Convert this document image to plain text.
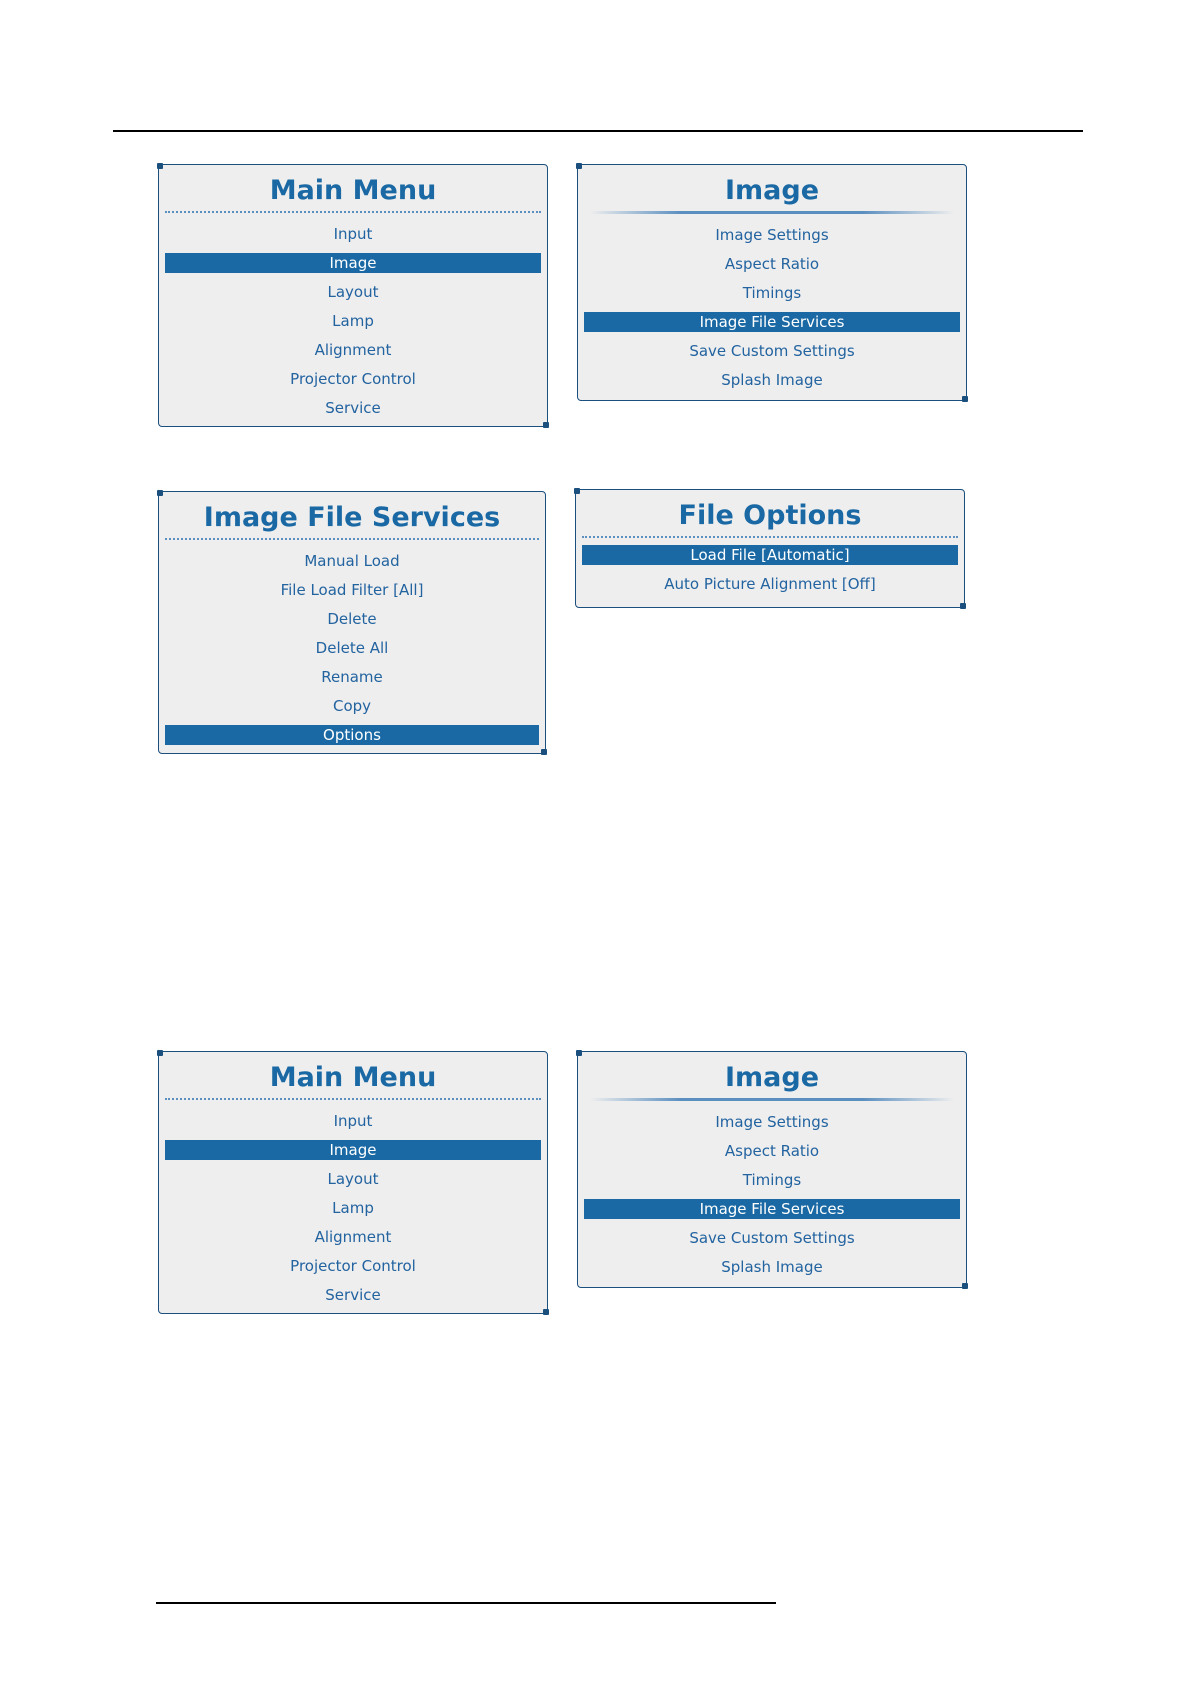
Main Menu
Input
Image
Layout
Lamp
Alignment
Projector Control
Service
Image
Image Settings
Aspect Ratio
Timings
Image File Services
Save Custom Settings
Splash Image
Image File Services
Manual Load
File Load Filter [All]
Delete
Delete All
Rename
Copy
Options
File Options
Load File [Automatic]
Auto Picture Alignment [Off]
Main Menu
Input
Image
Layout
Lamp
Alignment
Projector Control
Service
Image
Image Settings
Aspect Ratio
Timings
Image File Services
Save Custom Settings
Splash Image
